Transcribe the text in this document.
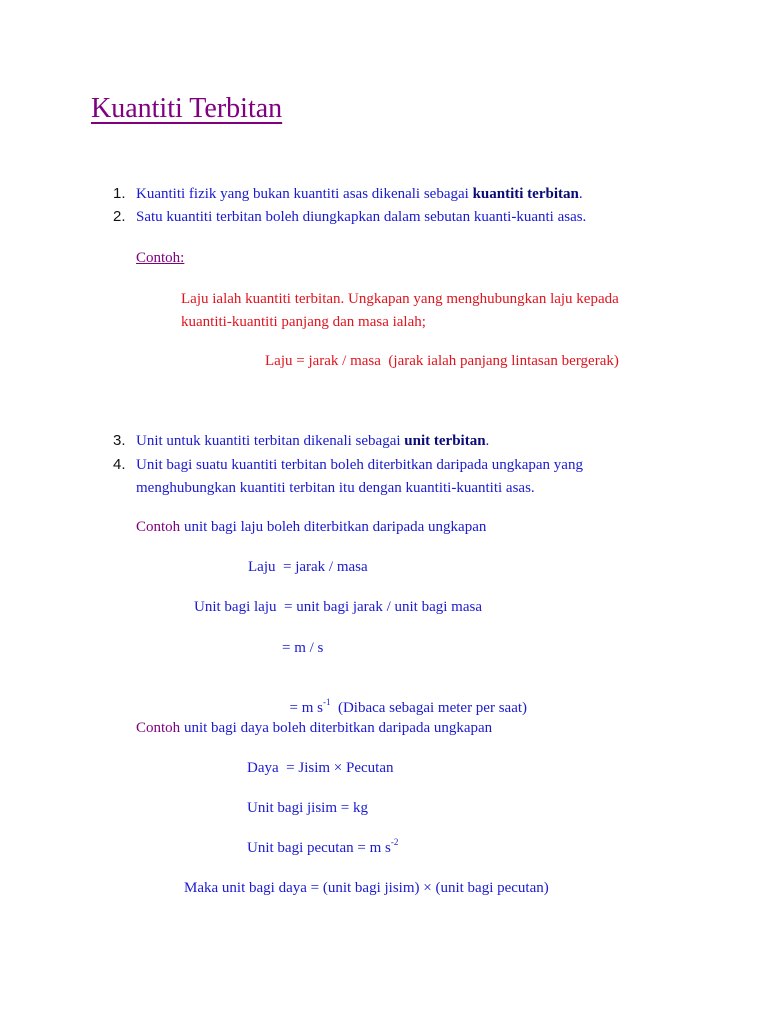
Kuantiti Terbitan
1. Kuantiti fizik yang bukan kuantiti asas dikenali sebagai kuantiti terbitan.
2. Satu kuantiti terbitan boleh diungkapkan dalam sebutan kuanti-kuanti asas.
Contoh:
Laju ialah kuantiti terbitan. Ungkapan yang menghubungkan laju kepada
kuantiti-kuantiti panjang dan masa ialah;
Laju = jarak / masa  (jarak ialah panjang lintasan bergerak)
3. Unit untuk kuantiti terbitan dikenali sebagai unit terbitan.
4. Unit bagi suatu kuantiti terbitan boleh diterbitkan daripada ungkapan yang
menghubungkan kuantiti terbitan itu dengan kuantiti-kuantiti asas.
Contoh unit bagi laju boleh diterbitkan daripada ungkapan
Laju  = jarak / masa
Unit bagi laju  = unit bagi jarak / unit bagi masa
= m / s

= m $s^{-1}$  (Dibaca sebagai meter per saat)

Contoh unit bagi daya boleh diterbitkan daripada ungkapan
Daya  = Jisim × Pecutan
Unit bagi jisim = kg
Unit bagi pecutan = m $s^{-2}$
Maka unit bagi daya = (unit bagi jisim) × (unit bagi pecutan)
